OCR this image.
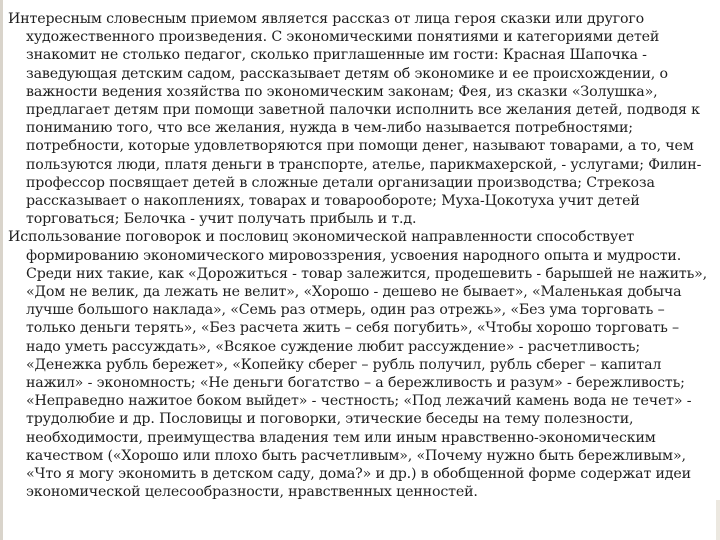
Интересным словесным приемом является рассказ от лица героя сказки или другого художественного произведения. С экономическими понятиями и категориями детей знакомит не столько педагог, сколько приглашенные им гости: Красная Шапочка - заведующая детским садом, рассказывает детям об экономике и ее происхождении, о важности ведения хозяйства по экономическим законам; Фея, из сказки «Золушка», предлагает детям при помощи заветной палочки исполнить все желания детей, подводя к пониманию того, что все желания, нужда в чем-либо называется потребностями; потребности, которые удовлетворяются при помощи денег, называют товарами, а то, чем пользуются люди, платя деньги в транспорте, ателье, парикмахерской, - услугами; Филин-профессор посвящает детей в сложные детали организации производства; Стрекоза рассказывает о накоплениях, товарах и товарообороте; Муха-Цокотуха учит детей торговаться; Белочка - учит получать прибыль и т.д.

Использование поговорок и пословиц экономической направленности способствует формированию экономического мировоззрения, усвоения народного опыта и мудрости. Среди них такие, как «Дорожиться - товар залежится, продешевить - барышей не нажить», «Дом не велик, да лежать не велит», «Хорошо - дешево не бывает», «Маленькая добыча лучше большого наклада», «Семь раз отмерь, один раз отрежь», «Без ума торговать – только деньги терять», «Без расчета жить – себя погубить», «Чтобы хорошо торговать – надо уметь рассуждать», «Всякое суждение любит рассуждение» - расчетливость; «Денежка рубль бережет», «Копейку сберег – рубль получил, рубль сберег – капитал нажил» - экономность; «Не деньги богатство – а бережливость и разум» - бережливость; «Неправедно нажитое боком выйдет» - честность; «Под лежачий камень вода не течет» - трудолюбие и др. Пословицы и поговорки, этические беседы на тему полезности, необходимости, преимущества владения тем или иным нравственно-экономическим качеством («Хорошо или плохо быть расчетливым», «Почему нужно быть бережливым», «Что я могу экономить в детском саду, дома?» и др.) в обобщенной форме содержат идеи экономической целесообразности, нравственных ценностей.
